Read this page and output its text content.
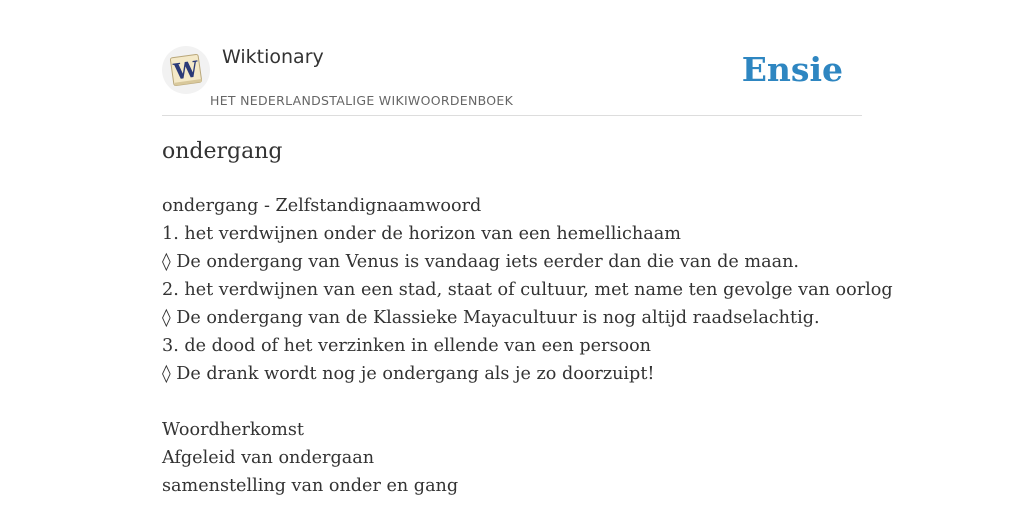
W Wiktionary
HET NEDERLANDSTALIGE WIKIWOORDENBOEK
Ensie
ondergang
ondergang - Zelfstandignaamwoord
1. het verdwijnen onder de horizon van een hemellichaam
◊ De ondergang van Venus is vandaag iets eerder dan die van de maan.
2. het verdwijnen van een stad, staat of cultuur, met name ten gevolge van oorlog
◊ De ondergang van de Klassieke Mayacultuur is nog altijd raadselachtig.
3. de dood of het verzinken in ellende van een persoon
◊ De drank wordt nog je ondergang als je zo doorzuipt!
Woordherkomst
Afgeleid van ondergaan
samenstelling van onder en gang
